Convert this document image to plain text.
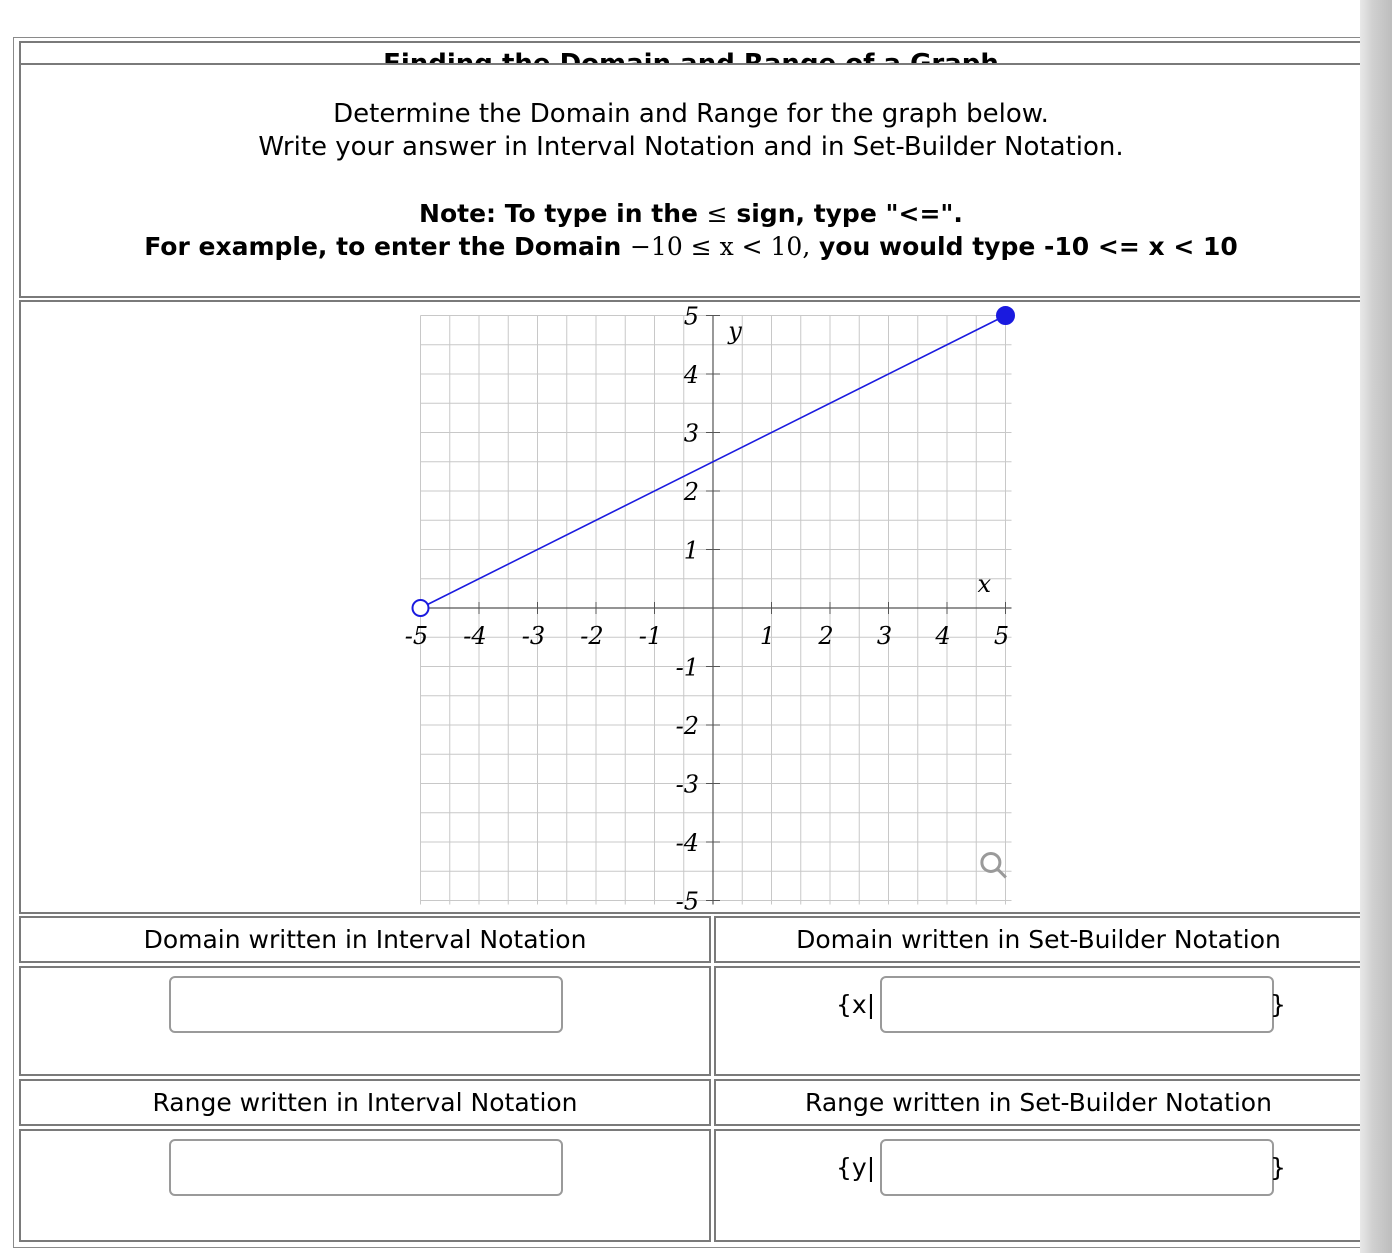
Determine the Domain and Range for the graph below.
Write your answer in Interval Notation and in Set-Builder Notation.
Note: To type in the ≤ sign, type "<=".
For example, to enter the Domain −10 ≤ x < 10, you would type -10 <= x < 10
-5 -4 -3 -2 -1	1 2 3 4 5
5
4
3
2
1
-1
-2
-3
-4
-5
x
y
Domain written in Interval Notation	Domain written in Set-Builder Notation
{x|	}
Range written in Interval Notation	Range written in Set-Builder Notation
{y|	}
